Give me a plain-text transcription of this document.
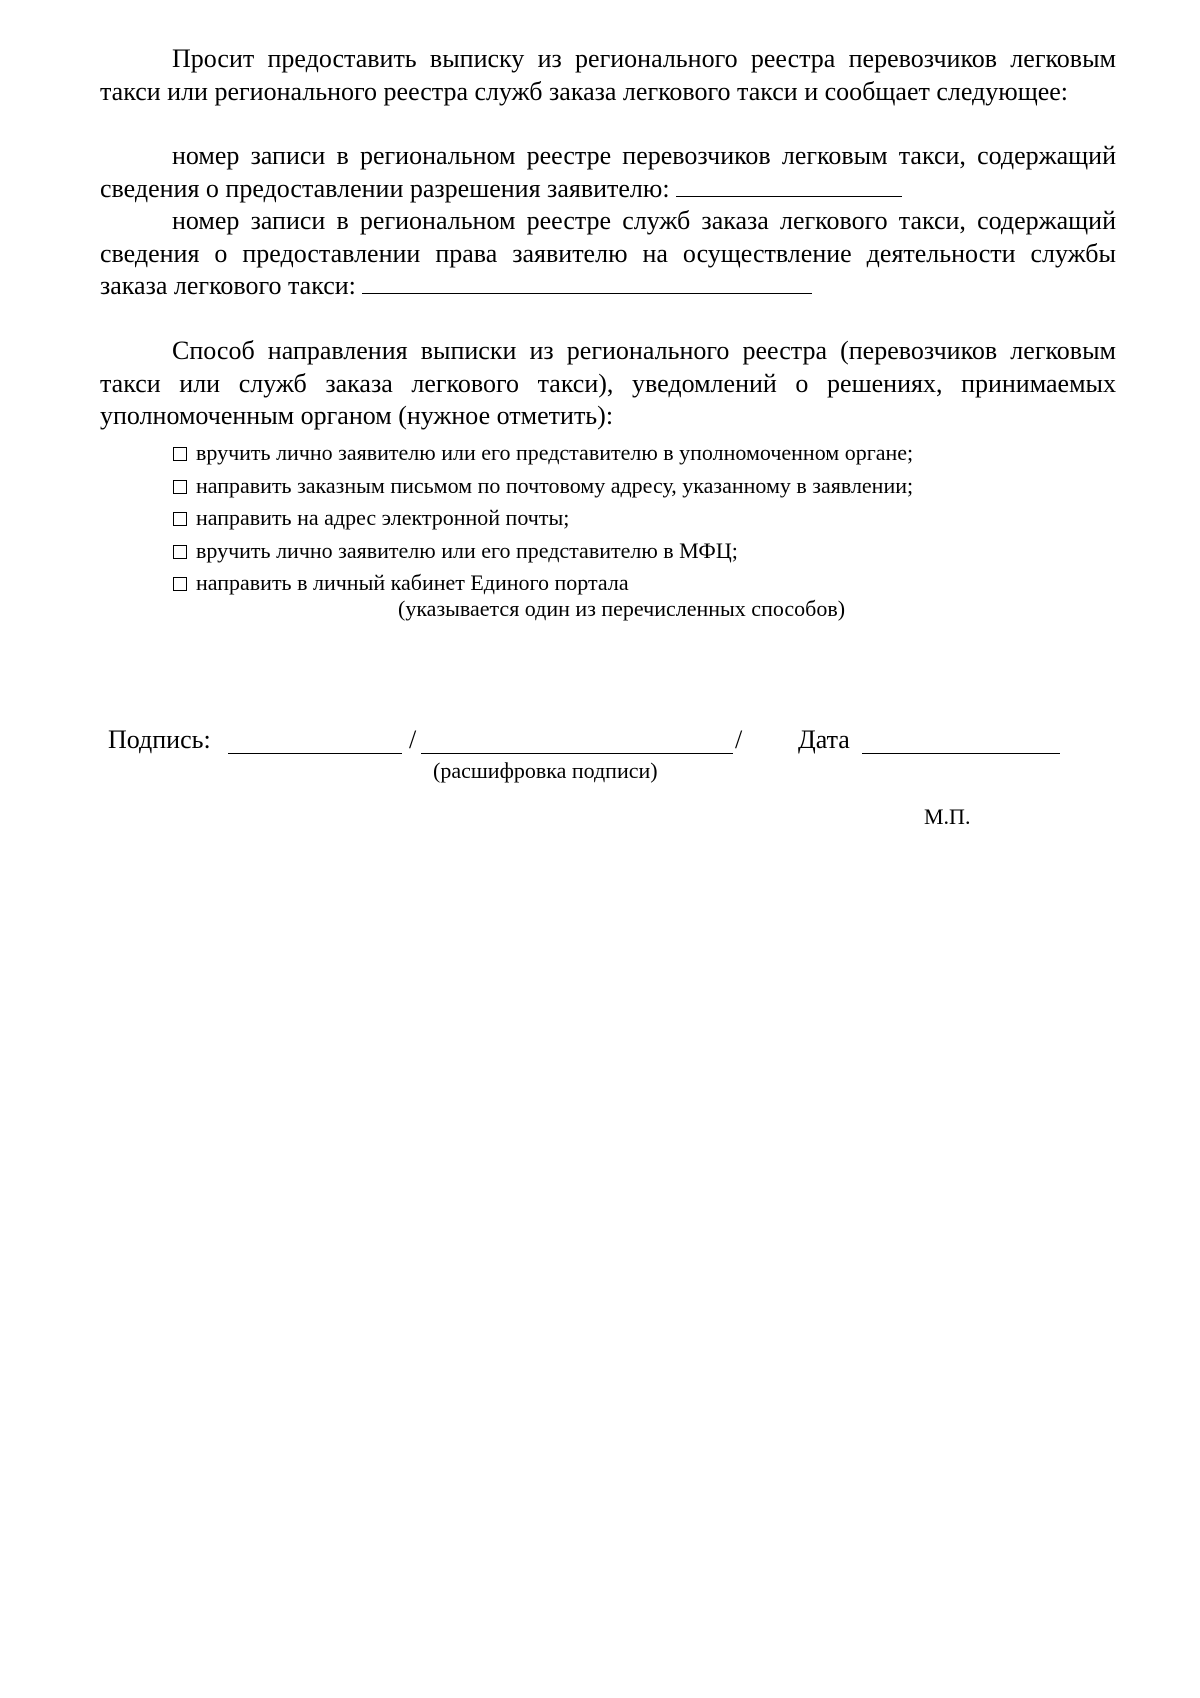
Просит предоставить выписку из регионального реестра перевозчиков легковым такси или регионального реестра служб заказа легкового такси и сообщает следующее:

номер записи в региональном реестре перевозчиков легковым такси, содержащий сведения о предоставлении разрешения заявителю:

номер записи в региональном реестре служб заказа легкового такси, содержащий сведения о предоставлении права заявителю на осуществление деятельности службы заказа легкового такси:

Способ направления выписки из регионального реестра (перевозчиков легковым такси или служб заказа легкового такси), уведомлений о решениях, принимаемых уполномоченным органом (нужное отметить):

вручить лично заявителю или его представителю в уполномоченном органе;
направить заказным письмом по почтовому адресу, указанному в заявлении;
направить на адрес электронной почты;
вручить лично заявителю или его представителю в МФЦ;
направить в личный кабинет Единого портала
(указывается один из перечисленных способов)
Подпись:	/	/ Дата
(расшифровка подписи)
М.П.
